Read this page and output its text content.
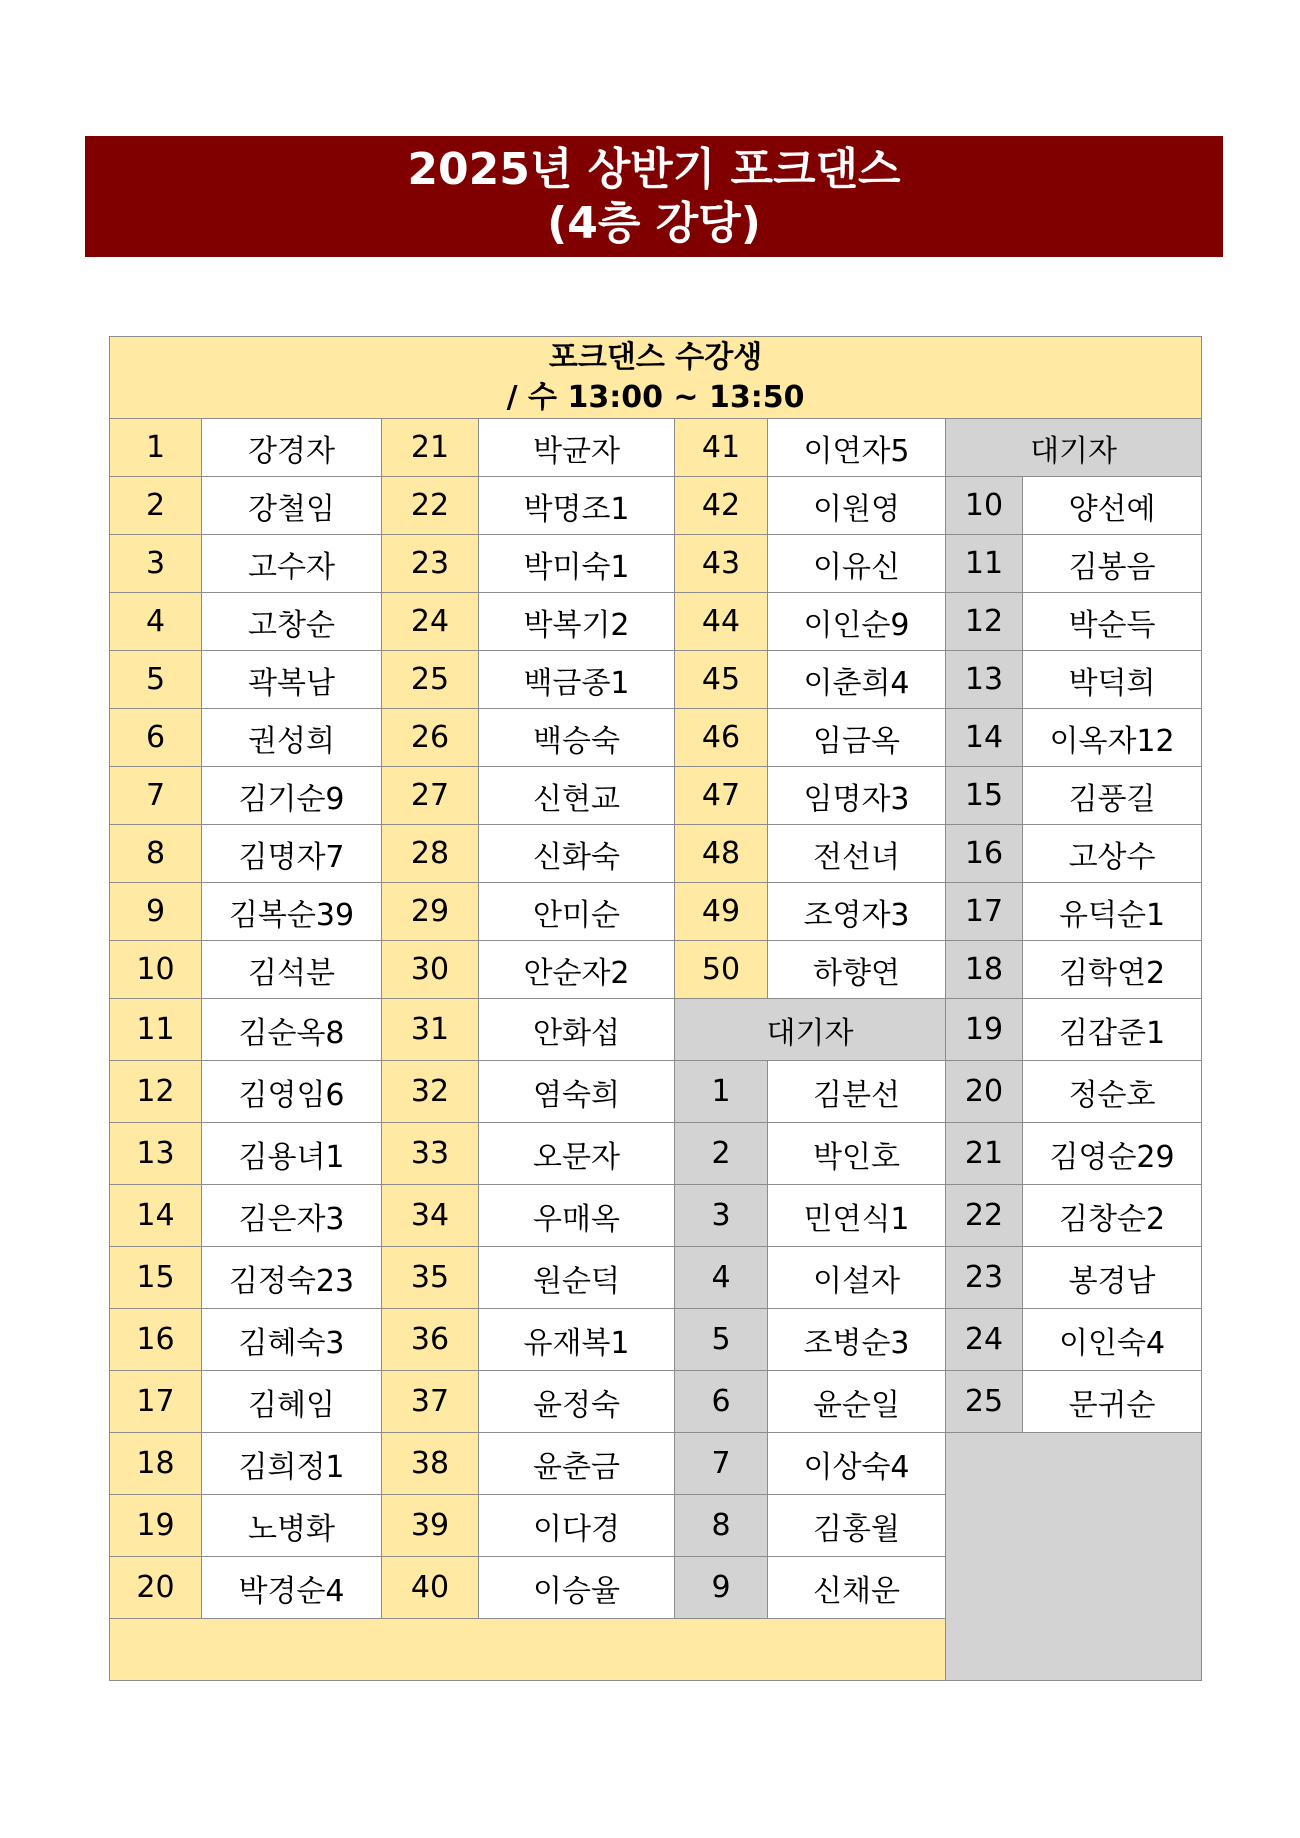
2025년 상반기 포크댄스
(4층 강당)
포크댄스 수강생
/ 수 13:00 ~ 13:50							

1	강경자	21	박균자	41	이연자5	대기자	
2	강철임	22	박명조1	42	이원영	10	양선예
3	고수자	23	박미숙1	43	이유신	11	김봉음
4	고창순	24	박복기2	44	이인순9	12	박순득
5	곽복남	25	백금종1	45	이춘희4	13	박덕희
6	권성희	26	백승숙	46	임금옥	14	이옥자12
7	김기순9	27	신현교	47	임명자3	15	김풍길
8	김명자7	28	신화숙	48	전선녀	16	고상수
9	김복순39	29	안미순	49	조영자3	17	유덕순1
10	김석분	30	안순자2	50	하향연	18	김학연2
11	김순옥8	31	안화섭	대기자		19	김갑준1
12	김영임6	32	염숙희	1	김분선	20	정순호
13	김용녀1	33	오문자	2	박인호	21	김영순29
14	김은자3	34	우매옥	3	민연식1	22	김창순2
15	김정숙23	35	원순덕	4	이설자	23	봉경남
16	김혜숙3	36	유재복1	5	조병순3	24	이인숙4
17	김혜임	37	윤정숙	6	윤순일	25	문귀순
18	김희정1	38	윤춘금	7	이상숙4		
19	노병화	39	이다경	8	김홍월		
20	박경순4	40	이승율	9	신채운		
